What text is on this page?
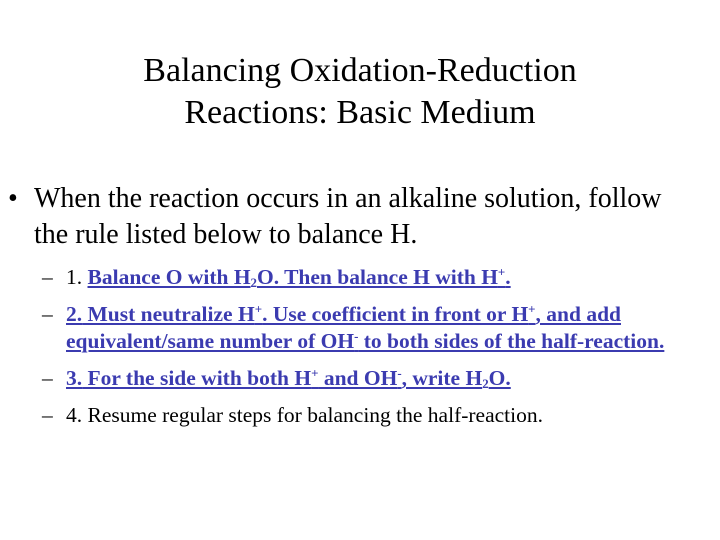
Balancing Oxidation-Reduction
Reactions: Basic Medium
• When the reaction occurs in an alkaline solution, follow the rule listed below to balance H.
– 1. Balance O with $H_2O$. Then balance H with H+.
– 2. Must neutralize H+. Use coefficient in front or H+, and add equivalent/same number of OH- to both sides of the half-reaction.
– 3. For the side with both H+ and OH-, write $H_2O$.
– 4. Resume regular steps for balancing the half-reaction.
